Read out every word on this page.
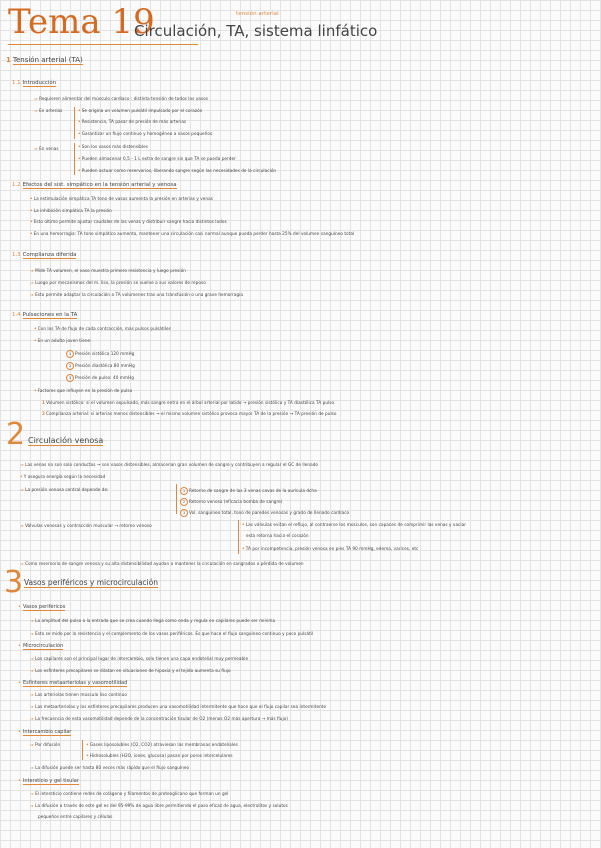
Tema 19
Circulación, TA, sistema linfático
tensión arterial
1 Tensión arterial (TA)
1.1 Introducción
⇒ Requieren alimentar del músculo cardíaco : distinta tensión de todos los vasos
⇒ En arterias	•Se origina un volumen pulsátil impulsado por el corazón
•Resistencia, TA pasar de presión de más arterias
•Garantizar un flujo continuo y homogéneo a vasos pequeños
⇒ En venas	•Son los vasos más distensibles
•Pueden almacenar 0,5 - 1 L extra de sangre sin que TA se pueda perder
•Pueden actuar como reservorios, liberando sangre según las necesidades de la circulación
1.2 Efectos del sist. simpático en la tensión arterial y venosa
•La estimulación simpática TA tono de vasos aumenta la presión en arterias y venas
•La inhibición simpática TA la presión
•Esto último permite ajustar caudales de las venas y distribuir sangre hacia distintos lados
•En una hemorragia: TA tono simpático aumenta, mantener una circulación casi normal aunque pueda perder hasta 25% del volumen sanguíneo total
1.3 Complianza diferida
⇒ Mide TA volumen, el vaso muestra primero resistencia y luego presión
⇒ Luego por mecanismos del m. liso, la presión se vuelve a sus valores de reposo
⇒ Esto permite adaptar la circulación a TA volúmenes tras una transfusión o una grave hemorragia
1.4 Pulsaciones en la TA
•Con los TA de flujo de cada contracción, mas pulsos pulsátiles
•En un adulto joven tiene:
1 Presión sistólica 120 mmHg
2 Presión diastólica 80 mmHg
3 Presión de pulso: 40 mmHg
•Factores que influyen en la presión de pulso
1Volumen sistólico: si el volumen expulsado, más sangre entra en el árbol arterial por latido → presión sistólica y TA diastólica TA pulso
2Complianza arterial: si arterias menos distensibles → el mismo volumen sistólico provoca mayor TA de la presión → TA presión de pulso
2 Circulación venosa
⇒ Las venas no son solo conductos → son vasos distensibles, almacenan gran volumen de sangre y contribuyen a regular el GC de llenado
•Y asegura energía según la necesidad
⇒ La presión venosa central depende de:	1 Retorno de sangre de las 3 venas cavas de la aurícula dcha
2 Retorno venoso (eficacia bomba de sangre)
3 Vol. sanguíneo total, tono de paredes venosas y grado de llenado cardíaco
⇒ Válvulas venosas y contracción muscular → retorno venoso	•Las válvulas evitan el reflujo, al contraerse los músculos, son capaces de comprimir las venas y vaciar
esta retorna hacia el corazón
•TA por incompetencia, presión venosa en pies TA 90 mmHg, edema, varices, etc
⇒ Como reservorio de sangre venosa y su alta distensibilidad ayudan a mantener la circulación en sangrados o pérdida de volumen
3 Vasos periféricos y microcirculación
• Vasos periféricos
⇒ La amplitud del pulso a la entrada que se crea cuando llega como onda y regula en capilares puede ser mínima
⇒ Esto se mide por la resistencia y el complemento de los vasos periféricos. Es que hace el flujo sanguíneo continuo y poco pulsátil
• Microcirculación
⇒ Los capilares son el principal lugar de intercambio, solo tienen una capa endotelial muy permeable
⇒ Los esfínteres precapilares se dilatan en situaciones de hipoxia y el tejido aumenta su flujo
• Esfínteres metaarteriolas y vasomotilidad
⇒ Las arteriolas tienen músculo liso continuo
⇒ Las metaarteriolas y los esfínteres precapilares producen una vasomotilidad intermitente que hace que el flujo capilar sea intermitente
⇒ La frecuencia de esta vasomotilidad depende de la concentración tisular de O2 (menos O2 más apertura → más flujo)
• Intercambio capilar
⇒ Por difusión	•Gases liposolubles (O2, CO2) atraviesan las membranas endoteliales
•Hidrosolubles (H2O, iones, glucosa) pasan por poros intercelulares
⇒ La difusión puede ser hasta 80 veces más rápido que el flujo sanguíneo
• Intersticio y gel tisular
⇒ El intersticio contiene redes de colágeno y filamentos de proteoglicano que forman un gel
⇒ La difusión a través de este gel es del 95-99% de agua libre permitiendo el paso eficaz de agua, electrolitos y solutos
pequeños entre capilares y células
